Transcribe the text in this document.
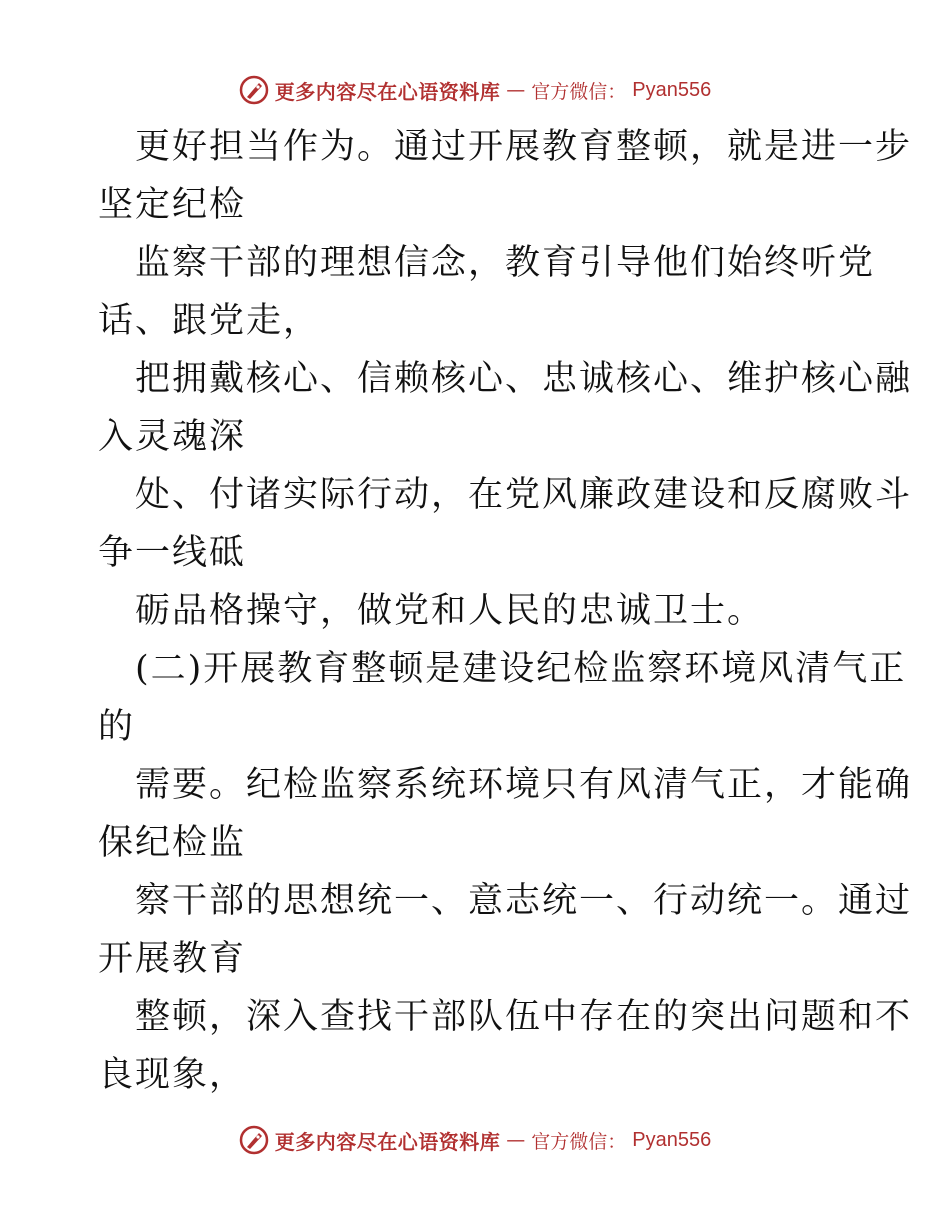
更多内容尽在心语资料库 — 官方微信： Pyan556

更好担当作为。通过开展教育整顿，就是进一步

坚定纪检

监察干部的理想信念，教育引导他们始终听党

话、跟党走，

把拥戴核心、信赖核心、忠诚核心、维护核心融

入灵魂深

处、付诸实际行动，在党风廉政建设和反腐败斗

争一线砥

砺品格操守，做党和人民的忠诚卫士。

(二)开展教育整顿是建设纪检监察环境风清气正

的

需要。纪检监察系统环境只有风清气正，才能确

保纪检监

察干部的思想统一、意志统一、行动统一。通过

开展教育

整顿，深入查找干部队伍中存在的突出问题和不

良现象，

更多内容尽在心语资料库 — 官方微信： Pyan556
